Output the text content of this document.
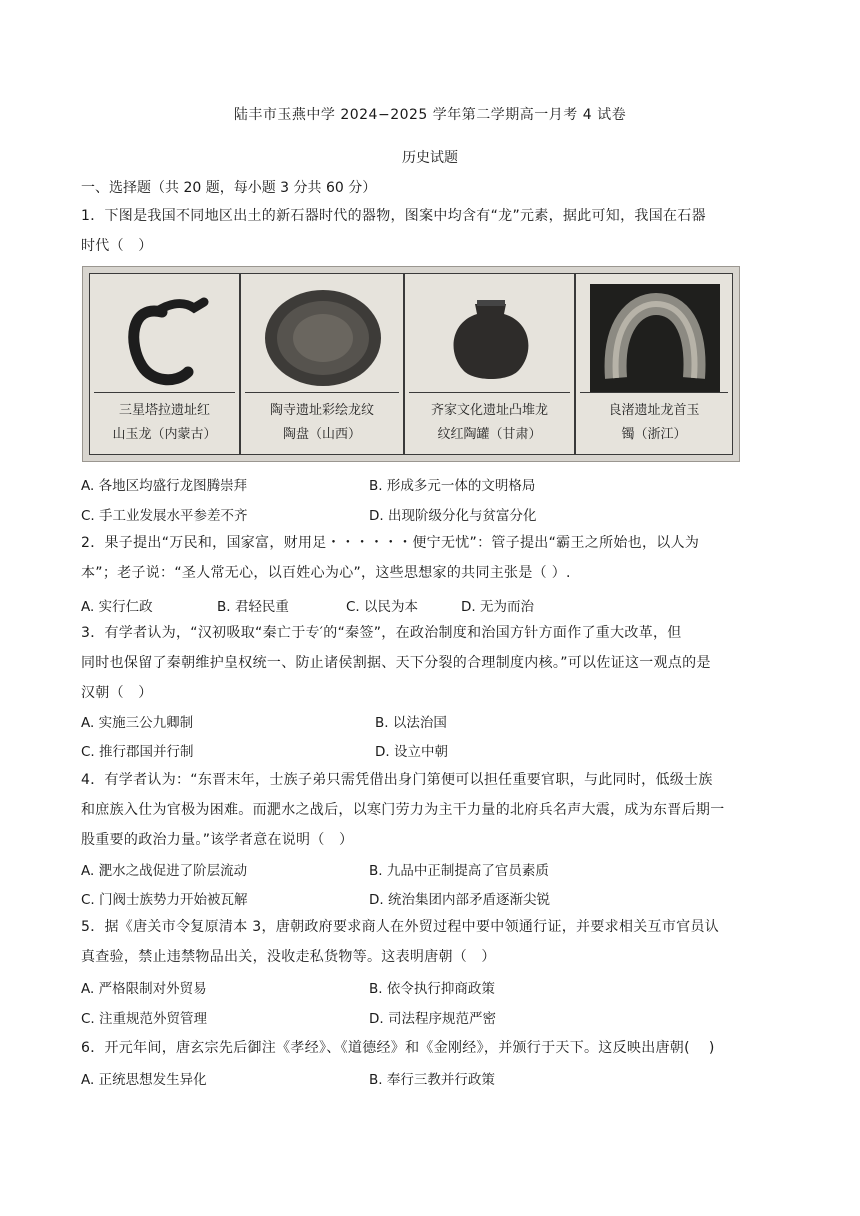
陆丰市玉燕中学 2024−2025 学年第二学期高一月考 4 试卷
历史试题
一、选择题（共 20 题，每小题 3 分共 60 分）
1．下图是我国不同地区出土的新石器时代的器物，图案中均含有“龙”元素，据此可知，我国在石器
时代（　）
三星塔拉遗址红
山玉龙（内蒙古）
陶寺遗址彩绘龙纹
陶盘（山西）
齐家文化遗址凸堆龙
纹红陶罐（甘肃）
良渚遗址龙首玉
镯（浙江）
A. 各地区均盛行龙图腾崇拜	B. 形成多元一体的文明格局
C. 手工业发展水平参差不齐	D. 出现阶级分化与贫富分化
2．果子提出“万民和，国家富，财用足・・・・・・便宁无忧”：管子提出“霸王之所始也，以人为
本”；老子说：“圣人常无心，以百姓心为心”，这些思想家的共同主张是（ ）.
A. 实行仁政	B. 君轻民重	C. 以民为本	D. 无为而治
3．有学者认为，“汉初吸取“秦亡于专′的“秦签”，在政治制度和治国方针方面作了重大改革，但
同时也保留了秦朝维护皇权统一、防止诸侯割据、天下分裂的合理制度内核。”可以佐证这一观点的是
汉朝（　）
A. 实施三公九卿制	B. 以法治国
C. 推行郡国并行制	D. 设立中朝
4．有学者认为：“东晋末年，士族子弟只需凭借出身门第便可以担任重要官职，与此同时，低级士族
和庶族入仕为官极为困难。而淝水之战后，以寒门劳力为主干力量的北府兵名声大震，成为东晋后期一
股重要的政治力量。”该学者意在说明（　）
A. 淝水之战促进了阶层流动	B. 九品中正制提高了官员素质
C. 门阀士族势力开始被瓦解	D. 统治集团内部矛盾逐渐尖锐
5．据《唐关市令复原清本 3，唐朝政府要求商人在外贸过程中要中领通行证，并要求相关互市官员认
真查验，禁止违禁物品出关，没收走私货物等。这表明唐朝（　）
A. 严格限制对外贸易	B. 依令执行抑商政策
C. 注重规范外贸管理	D. 司法程序规范严密
6．开元年间，唐玄宗先后御注《孝经》、《道德经》和《金刚经》，并颁行于天下。这反映出唐朝(　 )
A. 正统思想发生异化	B. 奉行三教并行政策
